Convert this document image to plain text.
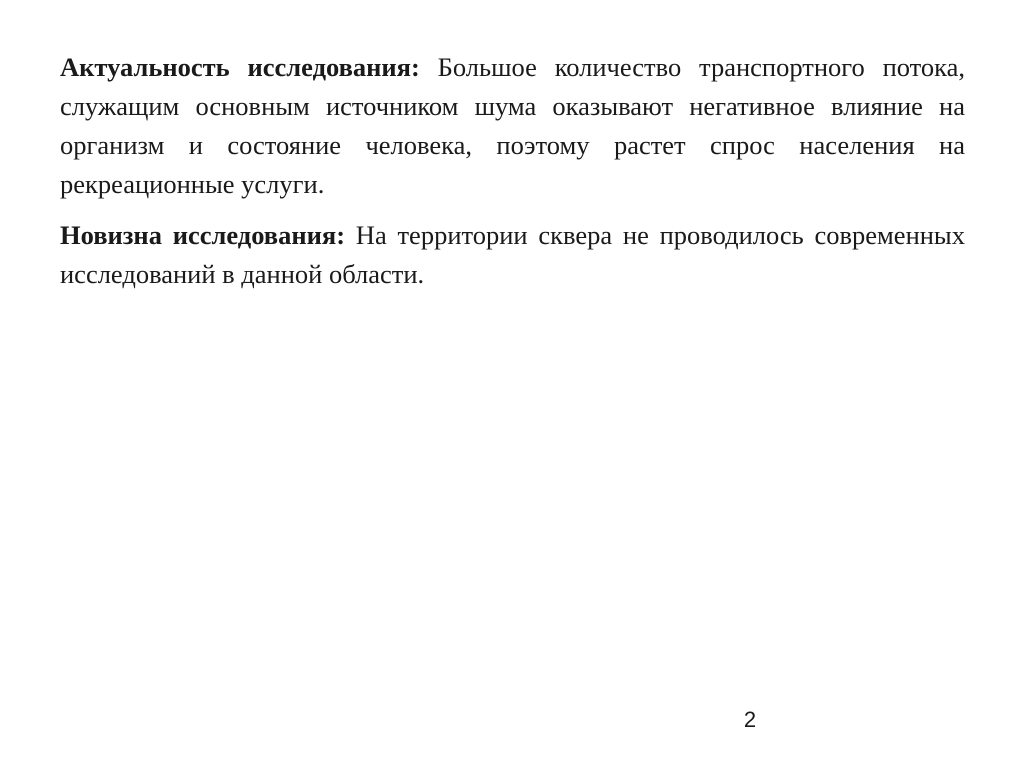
Актуальность исследования: Большое количество транспортного потока, служащим основным источником шума оказывают негативное влияние на организм и состояние человека, поэтому растет спрос населения на рекреационные услуги.

Новизна исследования: На территории сквера не проводилось современных исследований в данной области.

2
